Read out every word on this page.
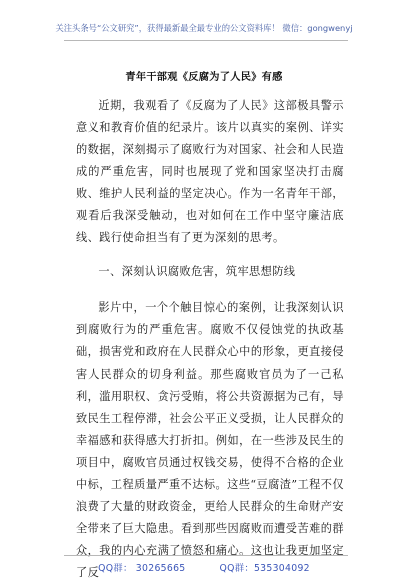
关注头条号“公文研究”，获得最新最全最专业的公文资料库！ 微信：gongwenyj
青年干部观《反腐为了人民》有感

近期，我观看了《反腐为了人民》这部极具警示意义和教育价值的纪录片。该片以真实的案例、详实的数据，深刻揭示了腐败行为对国家、社会和人民造成的严重危害，同时也展现了党和国家坚决打击腐败、维护人民利益的坚定决心。作为一名青年干部，观看后我深受触动，也对如何在工作中坚守廉洁底线、践行使命担当有了更为深刻的思考。

一、深刻认识腐败危害，筑牢思想防线

影片中，一个个触目惊心的案例，让我深刻认识到腐败行为的严重危害。腐败不仅侵蚀党的执政基础，损害党和政府在人民群众心中的形象，更直接侵害人民群众的切身利益。那些腐败官员为了一己私利，滥用职权、贪污受贿，将公共资源据为己有，导致民生工程停滞，社会公平正义受损，让人民群众的幸福感和获得感大打折扣。例如，在一些涉及民生的项目中，腐败官员通过权钱交易，使得不合格的企业中标，工程质量严重不达标。这些“豆腐渣”工程不仅浪费了大量的财政资金，更给人民群众的生命财产安全带来了巨大隐患。看到那些因腐败而遭受苦难的群众，我的内心充满了愤怒和痛心。这也让我更加坚定了反

QQ群： 30265665	QQ群：535304092
